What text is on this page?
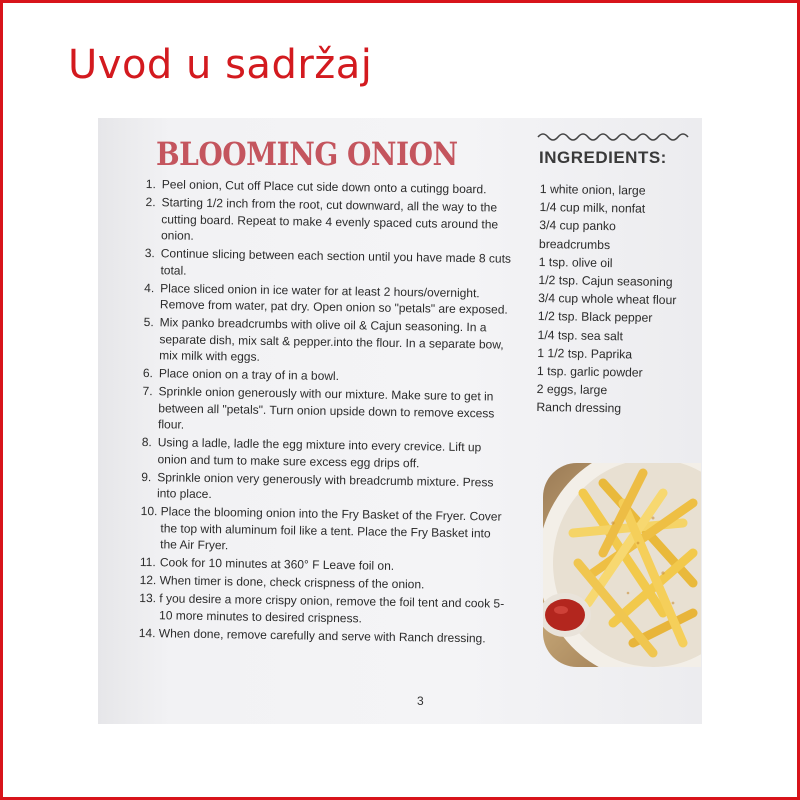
Uvod u sadržaj
BLOOMING ONION
1. Peel onion, Cut off Place cut side down onto a cutingg board.
2. Starting 1/2 inch from the root, cut downward, all the way to the cutting board. Repeat to make 4 evenly spaced cuts around the onion.
3. Continue slicing between each section until you have made 8 cuts total.
4. Place sliced onion in ice water for at least 2 hours/overnight. Remove from water, pat dry. Open onion so "petals" are exposed.
5. Mix panko breadcrumbs with olive oil & Cajun seasoning. In a separate dish, mix salt & pepper.into the flour. In a separate bow, mix milk with eggs.
6. Place onion on a tray of in a bowl.
7. Sprinkle onion generously with our mixture. Make sure to get in between all "petals". Turn onion upside down to remove excess flour.
8. Using a ladle, ladle the egg mixture into every crevice. Lift up onion and tum to make sure excess egg drips off.
9. Sprinkle onion very generously with breadcrumb mixture. Press into place.
10. Place the blooming onion into the Fry Basket of the Fryer. Cover the top with aluminum foil like a tent. Place the Fry Basket into the Air Fryer.
11. Cook for 10 minutes at 360° F Leave foil on.
12. When timer is done, check crispness of the onion.
13. f you desire a more crispy onion, remove the foil tent and cook 5-10 more minutes to desired crispness.
14. When done, remove carefully and serve with Ranch dressing.
INGREDIENTS:
1 white onion, large
1/4 cup milk, nonfat
3/4 cup panko
breadcrumbs
1 tsp. olive oil
1/2 tsp. Cajun seasoning
3/4 cup whole wheat flour
1/2 tsp. Black pepper
1/4 tsp. sea salt
1 1/2 tsp. Paprika
1 tsp. garlic powder
2 eggs, large
Ranch dressing
3
